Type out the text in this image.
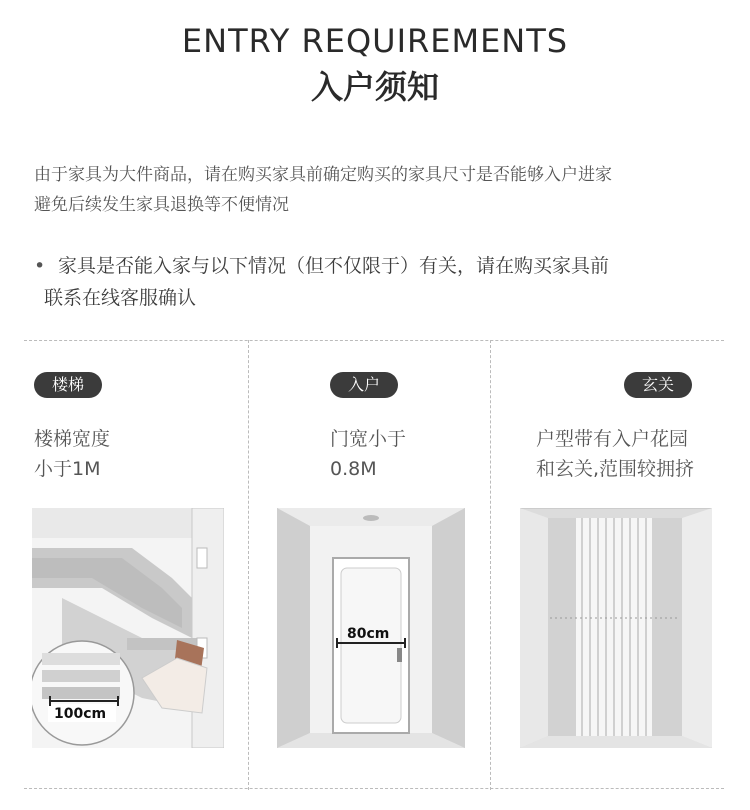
ENTRY REQUIREMENTS
入户须知
由于家具为大件商品，请在购买家具前确定购买的家具尺寸是否能够入户进家
避免后续发生家具退换等不便情况
• 家具是否能入家与以下情况（但不仅限于）有关，请在购买家具前
联系在线客服确认
楼梯
楼梯宽度
小于1M
100cm
入户
门宽小于
0.8M
80cm
玄关
户型带有入户花园
和玄关,范围较拥挤
